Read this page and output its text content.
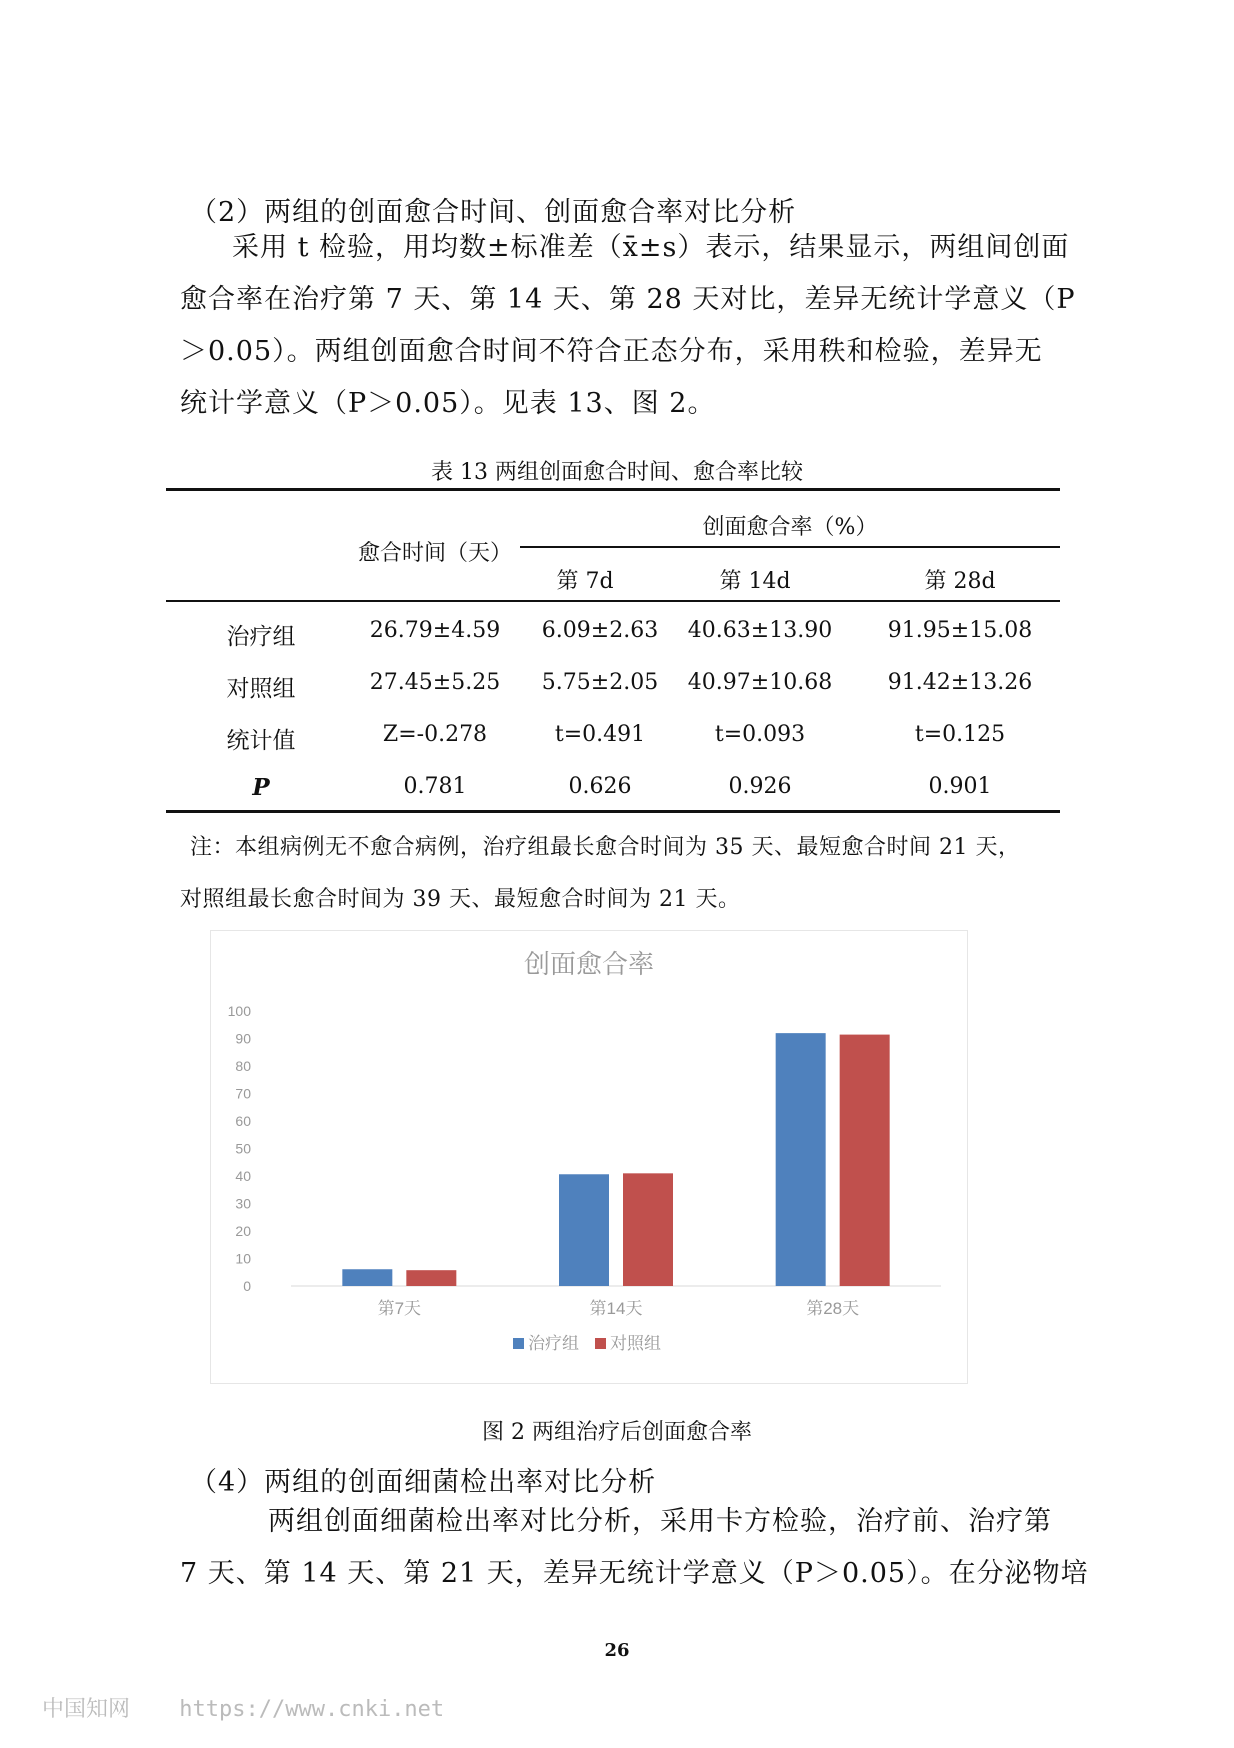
（2）两组的创面愈合时间、创面愈合率对比分析
采用 t 检验，用均数±标准差（x̄±s）表示，结果显示，两组间创面
愈合率在治疗第 7 天、第 14 天、第 28 天对比，差异无统计学意义（P
＞0.05）。两组创面愈合时间不符合正态分布，采用秩和检验，差异无
统计学意义（P＞0.05）。见表 13、图 2。
表 13 两组创面愈合时间、愈合率比较
愈合时间（天）
创面愈合率（%）
第 7d	第 14d	第 28d
治疗组	26.79±4.59	6.09±2.63	40.63±13.90	91.95±15.08
对照组	27.45±5.25	5.75±2.05	40.97±10.68	91.42±13.26
统计值	Z=-0.278	t=0.491	t=0.093	t=0.125
P	0.781	0.626	0.926	0.901
注：本组病例无不愈合病例，治疗组最长愈合时间为 35 天、最短愈合时间 21 天，
对照组最长愈合时间为 39 天、最短愈合时间为 21 天。
创面愈合率
0
10
20
30
40
50
60
70
80
90
100
第7天	第14天	第28天
治疗组 对照组
图 2 两组治疗后创面愈合率
（4）两组的创面细菌检出率对比分析
两组创面细菌检出率对比分析，采用卡方检验，治疗前、治疗第
7 天、第 14 天、第 21 天，差异无统计学意义（P＞0.05）。在分泌物培
26
中国知网 https://www.cnki.net
